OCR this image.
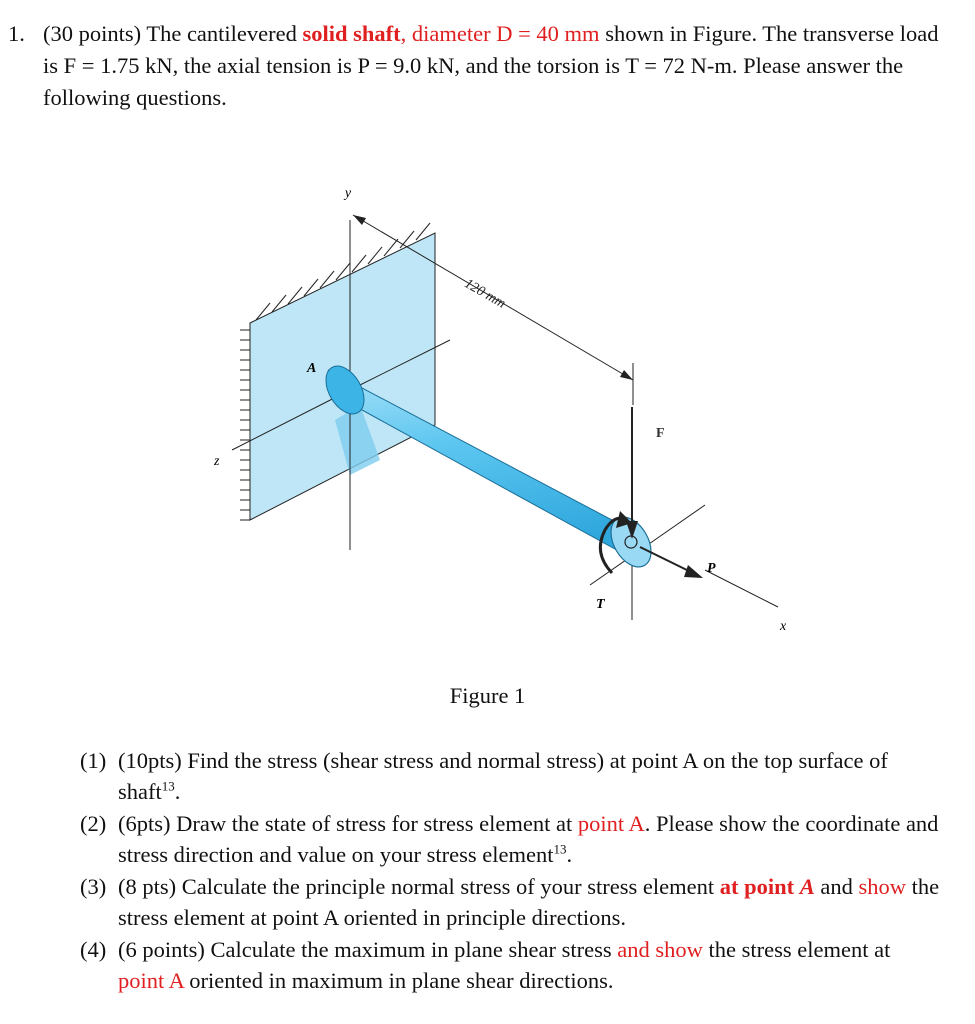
1. (30 points) The cantilevered solid shaft, diameter D = 40 mm shown in Figure. The transverse load is F = 1.75 kN, the axial tension is P = 9.0 kN, and the torsion is T = 72 N-m. Please answer the following questions.
y
z
x
A
F
P
T
120 mm
Figure 1
(1) (10pts) Find the stress (shear stress and normal stress) at point A on the top surface of shaft$^{13}$.
(2) (6pts) Draw the state of stress for stress element at point A. Please show the coordinate and stress direction and value on your stress element$^{13}$.
(3) (8 pts) Calculate the principle normal stress of your stress element at point A and show the stress element at point A oriented in principle directions.
(4) (6 points) Calculate the maximum in plane shear stress and show the stress element at point A oriented in maximum in plane shear directions.
